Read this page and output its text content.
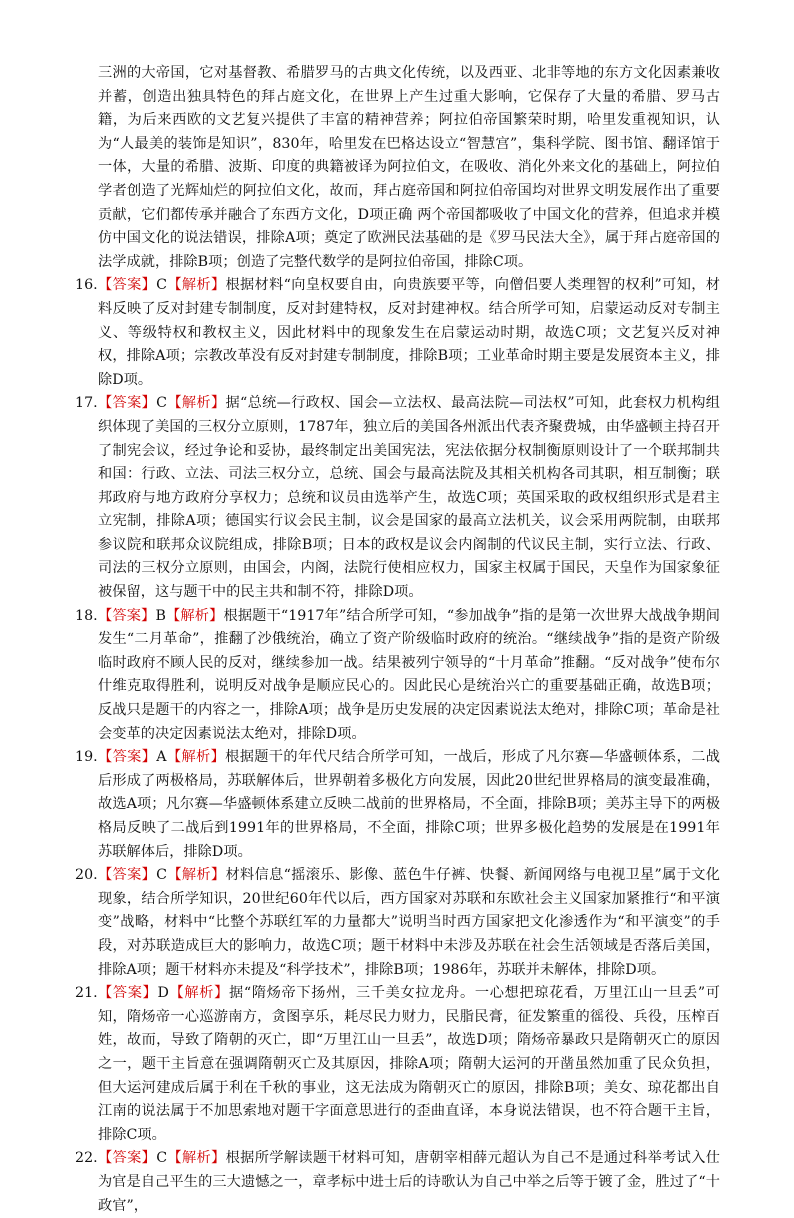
三洲的大帝国，它对基督教、希腊罗马的古典文化传统，以及西亚、北非等地的东方文化因素兼收并蓄，创造出独具特色的拜占庭文化，在世界上产生过重大影响，它保存了大量的希腊、罗马古籍，为后来西欧的文艺复兴提供了丰富的精神营养；阿拉伯帝国繁荣时期，哈里发重视知识，认为“人最美的装饰是知识”，830年，哈里发在巴格达设立“智慧宫”，集科学院、图书馆、翻译馆于一体，大量的希腊、波斯、印度的典籍被译为阿拉伯文，在吸收、消化外来文化的基础上，阿拉伯学者创造了光辉灿烂的阿拉伯文化，故而，拜占庭帝国和阿拉伯帝国均对世界文明发展作出了重要贡献，它们都传承并融合了东西方文化，D项正确 两个帝国都吸收了中国文化的营养，但追求并模仿中国文化的说法错误，排除A项；奠定了欧洲民法基础的是《罗马民法大全》，属于拜占庭帝国的法学成就，排除B项；创造了完整代数学的是阿拉伯帝国，排除C项。
16. 【答案】C【解析】根据材料“向皇权要自由，向贵族要平等，向僧侣要人类理智的权利”可知，材料反映了反对封建专制制度，反对封建特权，反对封建神权。结合所学可知，启蒙运动反对专制主义、等级特权和教权主义，因此材料中的现象发生在启蒙运动时期，故选C项；文艺复兴反对神权，排除A项；宗教改革没有反对封建专制制度，排除B项；工业革命时期主要是发展资本主义，排除D项。
17. 【答案】C【解析】据“总统—行政权、国会—立法权、最高法院—司法权”可知，此套权力机构组织体现了美国的三权分立原则，1787年，独立后的美国各州派出代表齐聚费城，由华盛顿主持召开了制宪会议，经过争论和妥协，最终制定出美国宪法，宪法依据分权制衡原则设计了一个联邦制共和国：行政、立法、司法三权分立，总统、国会与最高法院及其相关机构各司其职，相互制衡；联邦政府与地方政府分享权力；总统和议员由选举产生，故选C项；英国采取的政权组织形式是君主立宪制，排除A项；德国实行议会民主制，议会是国家的最高立法机关，议会采用两院制，由联邦参议院和联邦众议院组成，排除B项；日本的政权是议会内阁制的代议民主制，实行立法、行政、司法的三权分立原则，由国会，内阁，法院行使相应权力，国家主权属于国民，天皇作为国家象征被保留，这与题干中的民主共和制不符，排除D项。
18. 【答案】B【解析】根据题干“1917年”结合所学可知，“参加战争”指的是第一次世界大战战争期间发生“二月革命”，推翻了沙俄统治，确立了资产阶级临时政府的统治。“继续战争”指的是资产阶级临时政府不顾人民的反对，继续参加一战。结果被列宁领导的“十月革命”推翻。“反对战争”使布尔什维克取得胜利，说明反对战争是顺应民心的。因此民心是统治兴亡的重要基础正确，故选B项；反战只是题干的内容之一，排除A项；战争是历史发展的决定因素说法太绝对，排除C项；革命是社会变革的决定因素说法太绝对，排除D项。
19. 【答案】A【解析】根据题干的年代尺结合所学可知，一战后，形成了凡尔赛—华盛顿体系，二战后形成了两极格局，苏联解体后，世界朝着多极化方向发展，因此20世纪世界格局的演变最准确，故选A项；凡尔赛—华盛顿体系建立反映二战前的世界格局，不全面，排除B项；美苏主导下的两极格局反映了二战后到1991年的世界格局，不全面，排除C项；世界多极化趋势的发展是在1991年苏联解体后，排除D项。
20. 【答案】C【解析】材料信息“摇滚乐、影像、蓝色牛仔裤、快餐、新闻网络与电视卫星”属于文化现象，结合所学知识，20世纪60年代以后，西方国家对苏联和东欧社会主义国家加紧推行“和平演变”战略，材料中“比整个苏联红军的力量都大”说明当时西方国家把文化渗透作为“和平演变”的手段，对苏联造成巨大的影响力，故选C项；题干材料中未涉及苏联在社会生活领域是否落后美国，排除A项；题干材料亦未提及“科学技术”，排除B项；1986年，苏联并未解体，排除D项。
21. 【答案】D【解析】据“隋炀帝下扬州，三千美女拉龙舟。一心想把琼花看，万里江山一旦丢”可知，隋炀帝一心巡游南方，贪图享乐，耗尽民力财力，民脂民膏，征发繁重的徭役、兵役，压榨百姓，故而，导致了隋朝的灭亡，即“万里江山一旦丢”，故选D项；隋炀帝暴政只是隋朝灭亡的原因之一，题干主旨意在强调隋朝灭亡及其原因，排除A项；隋朝大运河的开凿虽然加重了民众负担，但大运河建成后属于利在千秋的事业，这无法成为隋朝灭亡的原因，排除B项；美女、琼花都出自江南的说法属于不加思索地对题干字面意思进行的歪曲直译，本身说法错误，也不符合题干主旨，排除C项。
22. 【答案】C【解析】根据所学解读题干材料可知，唐朝宰相薛元超认为自己不是通过科举考试入仕为官是自己平生的三大遗憾之一，章孝标中进士后的诗歌认为自己中举之后等于镀了金，胜过了“十政官”，
